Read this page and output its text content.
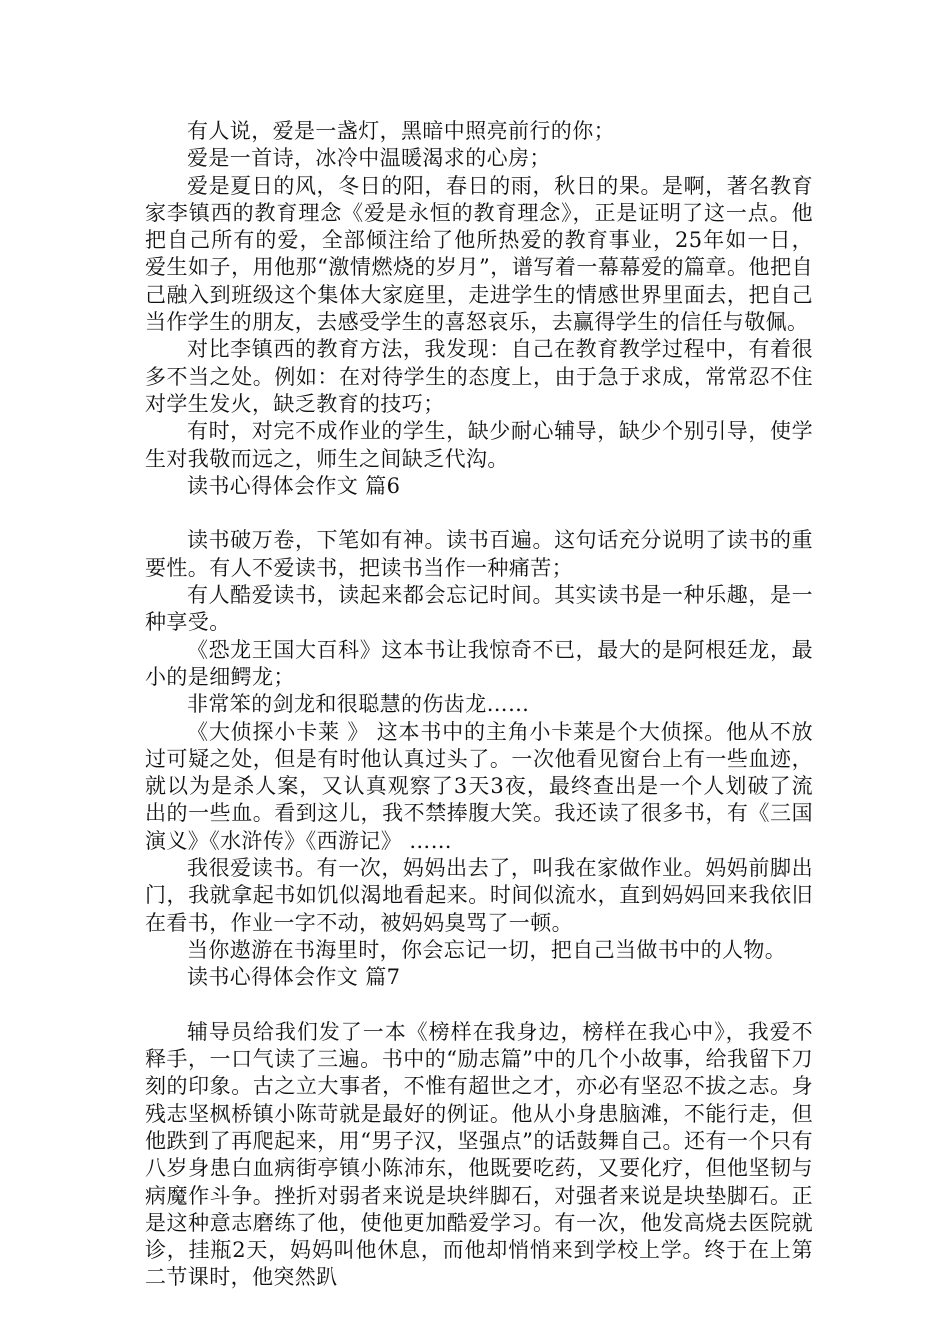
有人说，爱是一盏灯，黑暗中照亮前行的你；

爱是一首诗，冰冷中温暖渴求的心房；

爱是夏日的风，冬日的阳，春日的雨，秋日的果。是啊，著名教育家李镇西的教育理念《爱是永恒的教育理念》，正是证明了这一点。他把自己所有的爱，全部倾注给了他所热爱的教育事业，25年如一日，爱生如子，用他那“激情燃烧的岁月”，谱写着一幕幕爱的篇章。他把自己融入到班级这个集体大家庭里，走进学生的情感世界里面去，把自己当作学生的朋友，去感受学生的喜怒哀乐，去赢得学生的信任与敬佩。

对比李镇西的教育方法，我发现：自己在教育教学过程中，有着很多不当之处。例如：在对待学生的态度上，由于急于求成，常常忍不住对学生发火，缺乏教育的技巧；

有时，对完不成作业的学生，缺少耐心辅导，缺少个别引导，使学生对我敬而远之，师生之间缺乏代沟。

读书心得体会作文 篇6

读书破万卷，下笔如有神。读书百遍。这句话充分说明了读书的重要性。有人不爱读书，把读书当作一种痛苦；

有人酷爱读书，读起来都会忘记时间。其实读书是一种乐趣，是一种享受。

《恐龙王国大百科》这本书让我惊奇不已，最大的是阿根廷龙，最小的是细鳄龙；

非常笨的剑龙和很聪慧的伤齿龙……

《大侦探小卡莱 》 这本书中的主角小卡莱是个大侦探。他从不放过可疑之处，但是有时他认真过头了。一次他看见窗台上有一些血迹，就以为是杀人案，又认真观察了3天3夜，最终查出是一个人划破了流出的一些血。看到这儿，我不禁捧腹大笑。我还读了很多书，有《三国演义》《水浒传》《西游记》 ……

我很爱读书。有一次，妈妈出去了，叫我在家做作业。妈妈前脚出门，我就拿起书如饥似渴地看起来。时间似流水，直到妈妈回来我依旧在看书，作业一字不动，被妈妈臭骂了一顿。

当你遨游在书海里时，你会忘记一切，把自己当做书中的人物。

读书心得体会作文 篇7

辅导员给我们发了一本《榜样在我身边，榜样在我心中》，我爱不释手，一口气读了三遍。书中的“励志篇”中的几个小故事，给我留下刀刻的印象。古之立大事者，不惟有超世之才，亦必有坚忍不拔之志。身残志坚枫桥镇小陈苛就是最好的例证。他从小身患脑滩，不能行走，但他跌到了再爬起来，用“男子汉，坚强点”的话鼓舞自己。还有一个只有八岁身患白血病街亭镇小陈沛东，他既要吃药，又要化疗，但他坚韧与病魔作斗争。挫折对弱者来说是块绊脚石，对强者来说是块垫脚石。正是这种意志磨练了他，使他更加酷爱学习。有一次，他发高烧去医院就诊，挂瓶2天，妈妈叫他休息，而他却悄悄来到学校上学。终于在上第二节课时，他突然趴
